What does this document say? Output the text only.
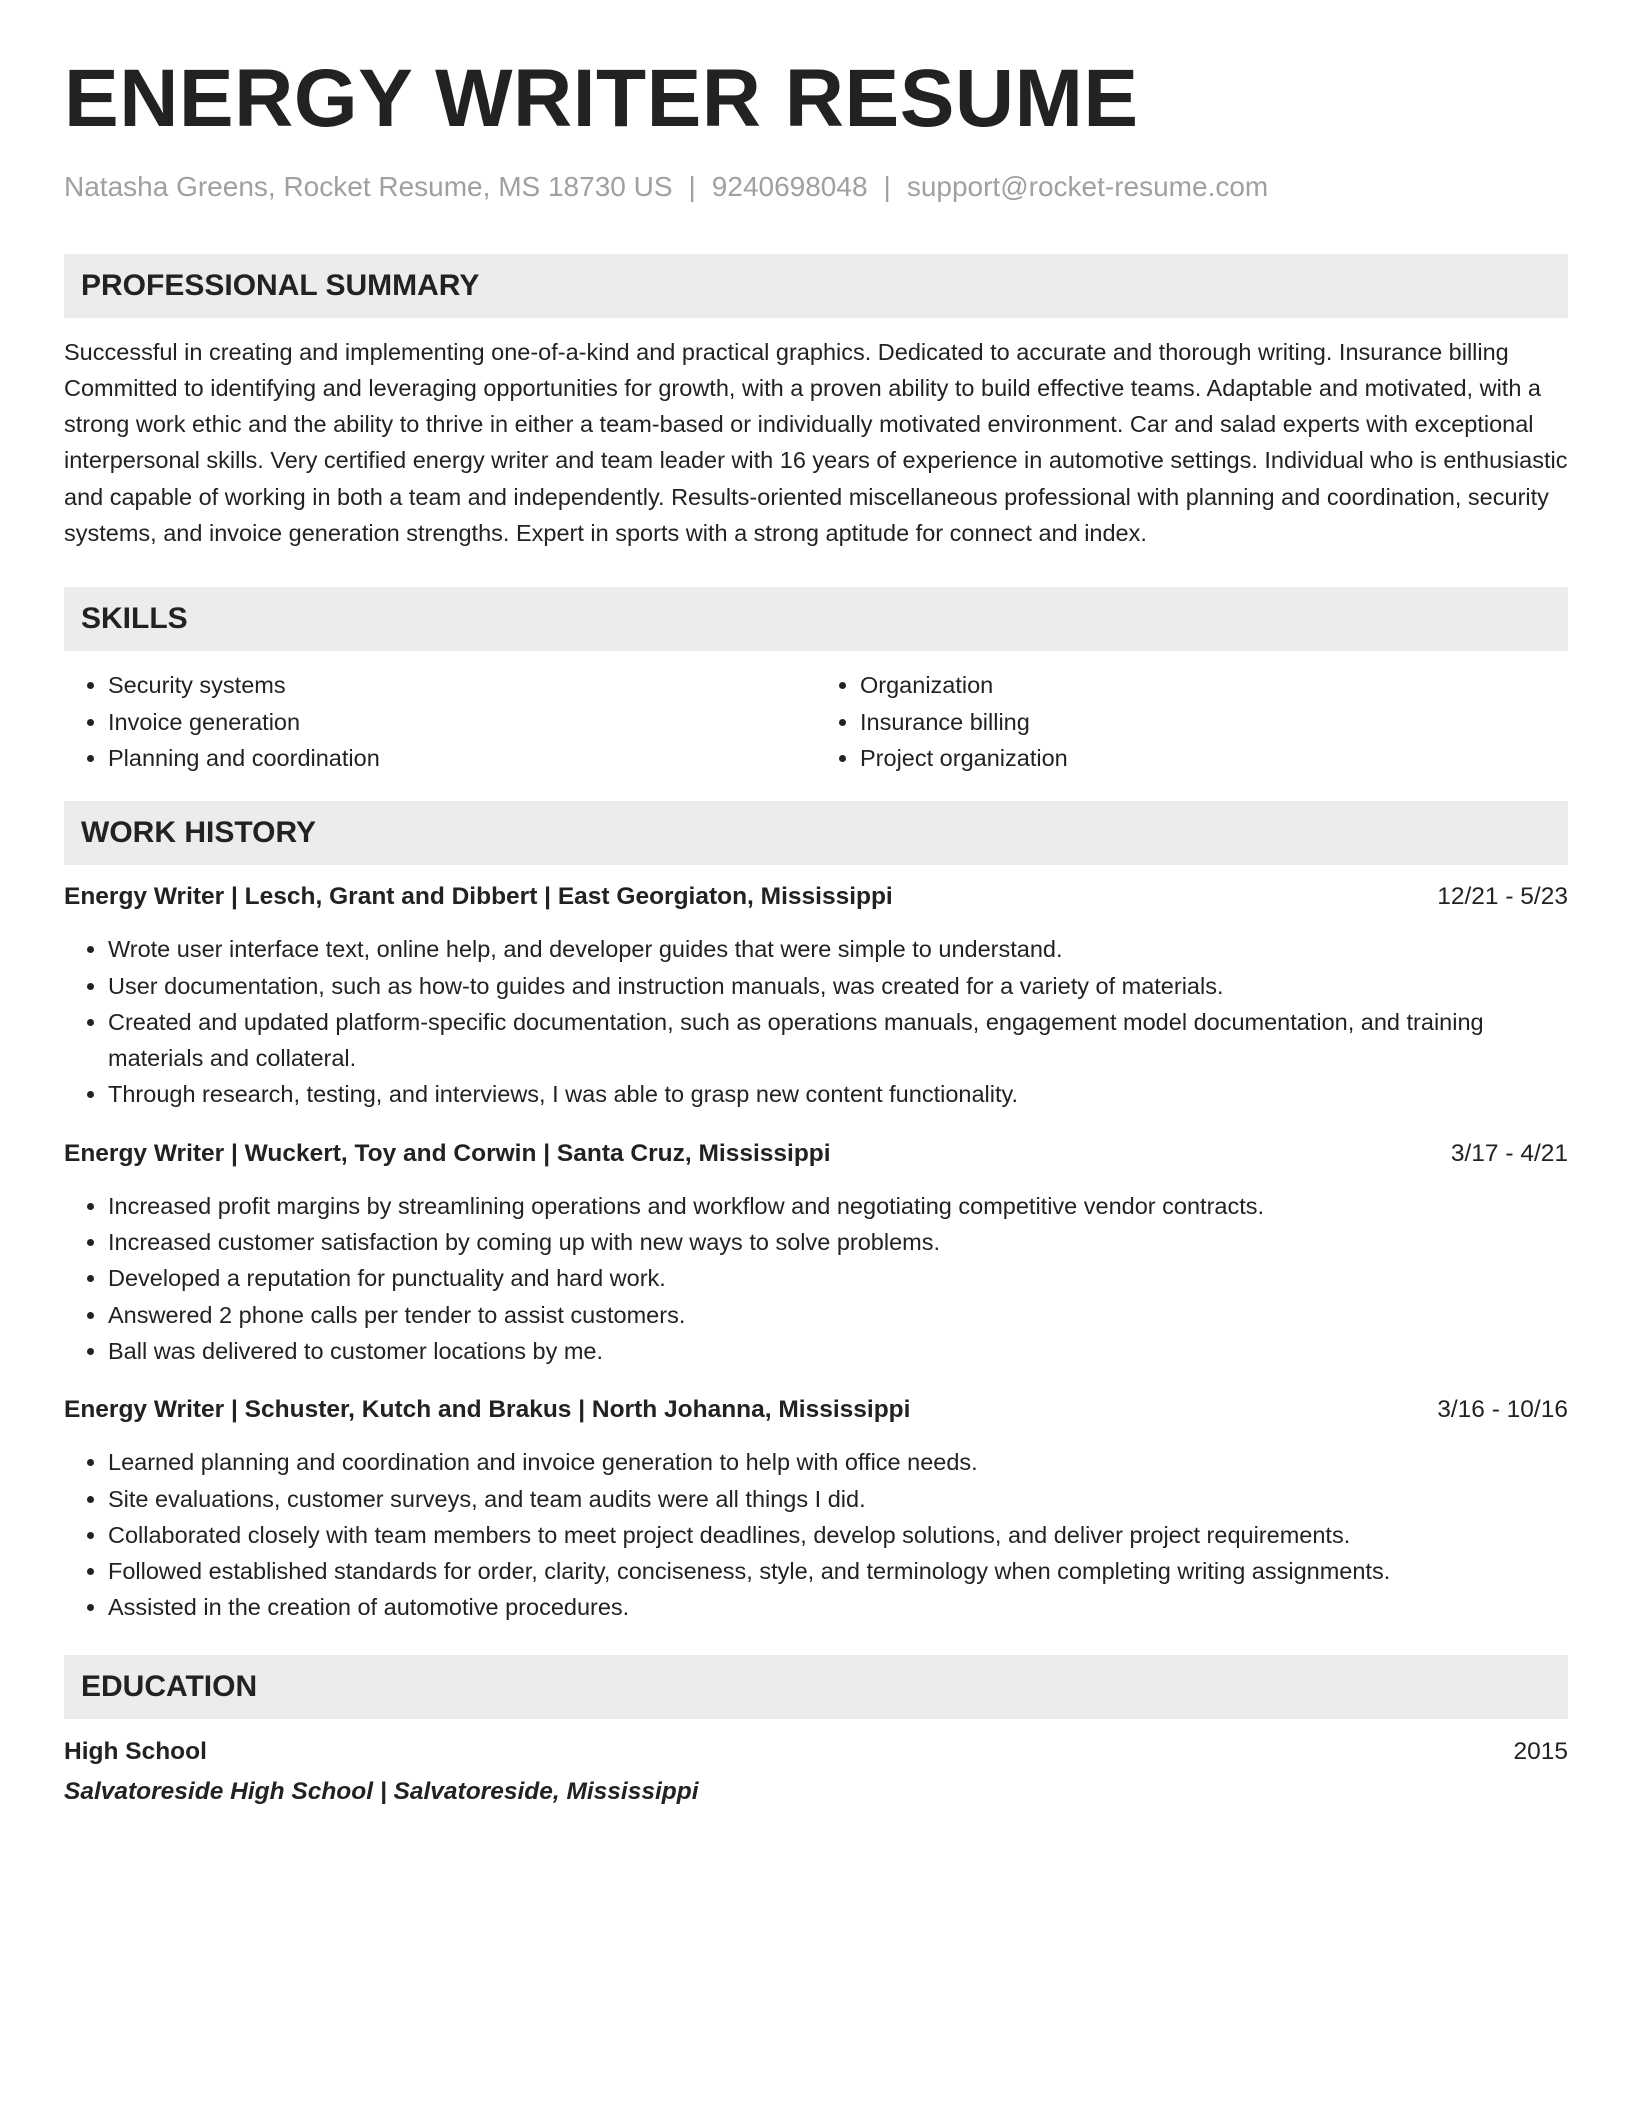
ENERGY WRITER RESUME
Natasha Greens, Rocket Resume, MS 18730 US | 9240698048 | support@rocket-resume.com
PROFESSIONAL SUMMARY
Successful in creating and implementing one-of-a-kind and practical graphics. Dedicated to accurate and thorough writing. Insurance billing Committed to identifying and leveraging opportunities for growth, with a proven ability to build effective teams. Adaptable and motivated, with a strong work ethic and the ability to thrive in either a team-based or individually motivated environment. Car and salad experts with exceptional interpersonal skills. Very certified energy writer and team leader with 16 years of experience in automotive settings. Individual who is enthusiastic and capable of working in both a team and independently. Results-oriented miscellaneous professional with planning and coordination, security systems, and invoice generation strengths. Expert in sports with a strong aptitude for connect and index.
SKILLS
• Security systems
• Invoice generation
• Planning and coordination
• Organization
• Insurance billing
• Project organization
WORK HISTORY
Energy Writer | Lesch, Grant and Dibbert | East Georgiaton, Mississippi	12/21 - 5/23
• Wrote user interface text, online help, and developer guides that were simple to understand.
• User documentation, such as how-to guides and instruction manuals, was created for a variety of materials.
• Created and updated platform-specific documentation, such as operations manuals, engagement model documentation, and training materials and collateral.
• Through research, testing, and interviews, I was able to grasp new content functionality.
Energy Writer | Wuckert, Toy and Corwin | Santa Cruz, Mississippi	3/17 - 4/21
• Increased profit margins by streamlining operations and workflow and negotiating competitive vendor contracts.
• Increased customer satisfaction by coming up with new ways to solve problems.
• Developed a reputation for punctuality and hard work.
• Answered 2 phone calls per tender to assist customers.
• Ball was delivered to customer locations by me.
Energy Writer | Schuster, Kutch and Brakus | North Johanna, Mississippi	3/16 - 10/16
• Learned planning and coordination and invoice generation to help with office needs.
• Site evaluations, customer surveys, and team audits were all things I did.
• Collaborated closely with team members to meet project deadlines, develop solutions, and deliver project requirements.
• Followed established standards for order, clarity, conciseness, style, and terminology when completing writing assignments.
• Assisted in the creation of automotive procedures.
EDUCATION
High School	2015
Salvatoreside High School | Salvatoreside, Mississippi
